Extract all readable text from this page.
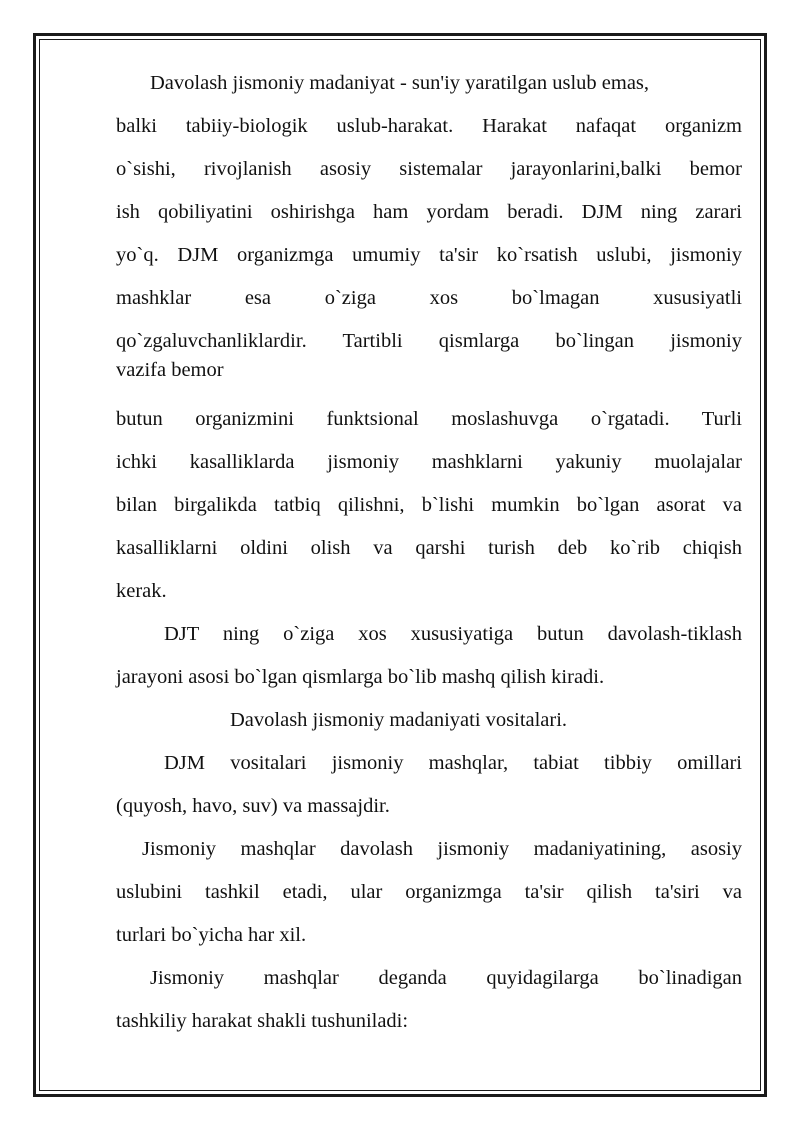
Davolash jismoniy madaniyat - sun'iy yaratilgan uslub emas,
balki tabiiy-biologik uslub-harakat. Harakat nafaqat organizm
o`sishi, rivojlanish asosiy sistemalar jarayonlarini,balki bemor
ish qobiliyatini oshirishga ham yordam beradi. DJM ning zarari
yo`q. DJM organizmga umumiy ta'sir ko`rsatish uslubi, jismoniy
mashklar esa o`ziga xos bo`lmagan xususiyatli
qo`zgaluvchanliklardir. Tartibli qismlarga bo`lingan jismoniy
vazifa bemor
butun organizmini funktsional moslashuvga o`rgatadi. Turli
ichki kasalliklarda jismoniy mashklarni yakuniy muolajalar
bilan birgalikda tatbiq qilishni, b`lishi mumkin bo`lgan asorat va
kasalliklarni oldini olish va qarshi turish deb ko`rib chiqish
kerak.
DJT ning o`ziga xos xususiyatiga butun davolash-tiklash
jarayoni asosi bo`lgan qismlarga bo`lib mashq qilish kiradi.
Davolash jismoniy madaniyati vositalari.
DJM vositalari jismoniy mashqlar, tabiat tibbiy omillari
(quyosh, havo, suv) va massajdir.
Jismoniy mashqlar davolash jismoniy madaniyatining, asosiy
uslubini tashkil etadi, ular organizmga ta'sir qilish ta'siri va
turlari bo`yicha har xil.
Jismoniy mashqlar deganda quyidagilarga bo`linadigan
tashkiliy harakat shakli tushuniladi:
